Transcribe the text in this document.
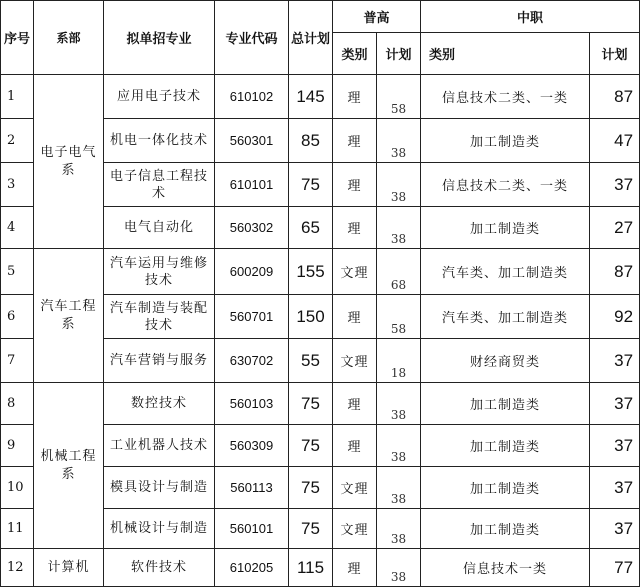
序号	系部	拟单招专业	专业代码	总计划	普高		中职	
					类别	计划	类别	计划
1	电子电气系	应用电子技术	610102	145	理	58	信息技术二类、一类	87
2		机电一体化技术	560301	85	理	38	加工制造类	47
3		电子信息工程技术	610101	75	理	38	信息技术二类、一类	37
4		电气自动化	560302	65	理	38	加工制造类	27
5	汽车工程系	汽车运用与维修技术	600209	155	文理	68	汽车类、加工制造类	87
6		汽车制造与装配技术	560701	150	理	58	汽车类、加工制造类	92
7		汽车营销与服务	630702	55	文理	18	财经商贸类	37
8	机械工程系	数控技术	560103	75	理	38	加工制造类	37
9		工业机器人技术	560309	75	理	38	加工制造类	37
10		模具设计与制造	560113	75	文理	38	加工制造类	37
11		机械设计与制造	560101	75	文理	38	加工制造类	37
12	计算机	软件技术	610205	115	理	38	信息技术一类	77
